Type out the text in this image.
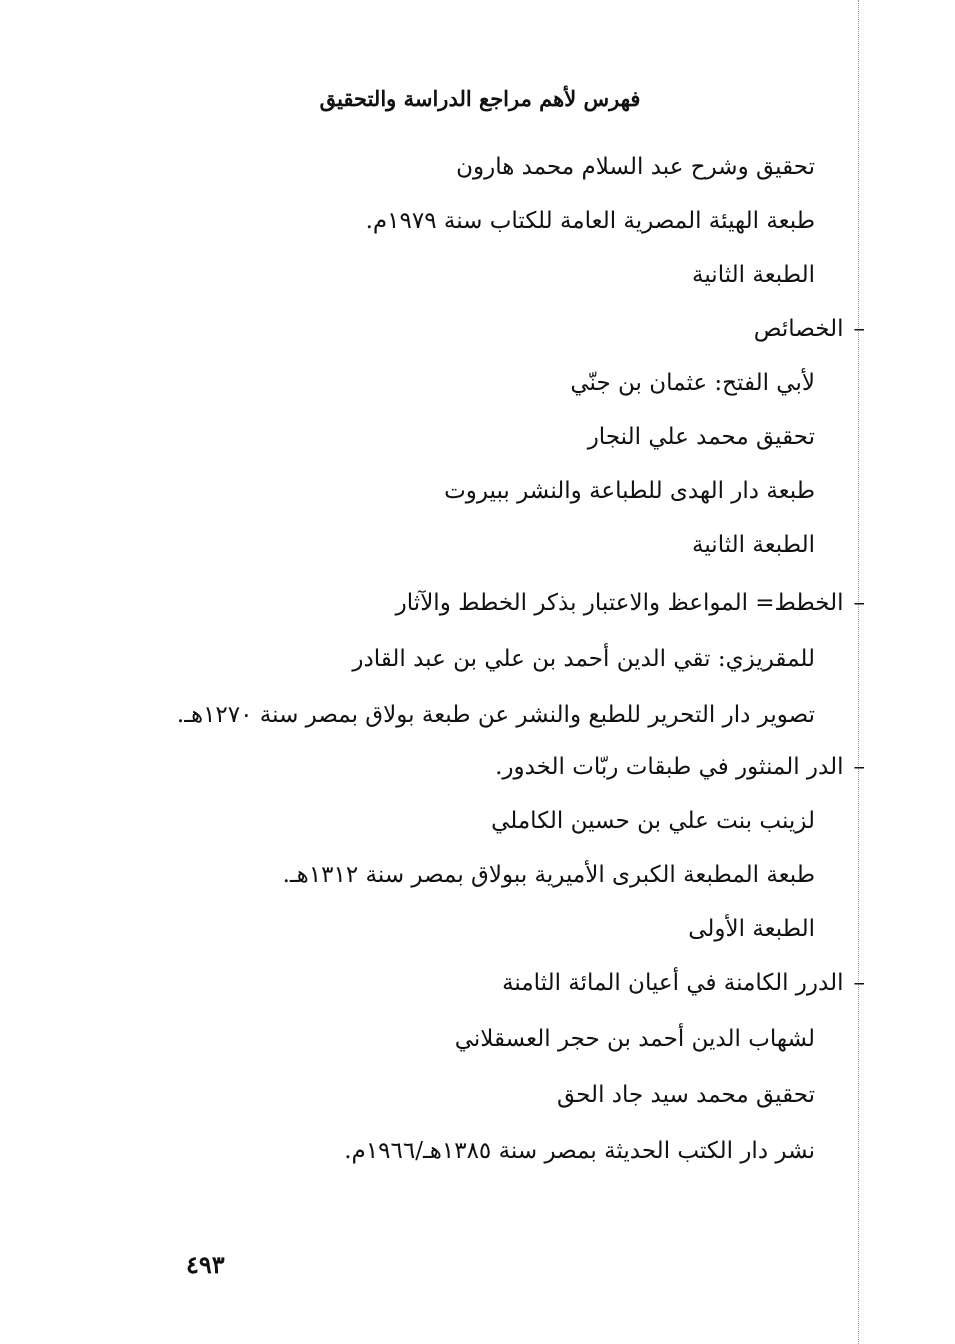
فهرس لأهم مراجع الدراسة والتحقيق
تحقيق وشرح عبد السلام محمد هارون
طبعة الهيئة المصرية العامة للكتاب سنة ١٩٧٩م.
الطبعة الثانية
–الخصائص
لأبي الفتح: عثمان بن جنّي
تحقيق محمد علي النجار
طبعة دار الهدى للطباعة والنشر ببيروت
الطبعة الثانية
–الخطط= المواعظ والاعتبار بذكر الخطط والآثار
للمقريزي: تقي الدين أحمد بن علي بن عبد القادر
تصوير دار التحرير للطبع والنشر عن طبعة بولاق بمصر سنة ١٢٧٠هـ.
–الدر المنثور في طبقات ربّات الخدور.
لزينب بنت علي بن حسين الكاملي
طبعة المطبعة الكبرى الأميرية ببولاق بمصر سنة ١٣١٢هـ.
الطبعة الأولى
–الدرر الكامنة في أعيان المائة الثامنة
لشهاب الدين أحمد بن حجر العسقلاني
تحقيق محمد سيد جاد الحق
نشر دار الكتب الحديثة بمصر سنة ١٣٨٥هـ/١٩٦٦م.
٤٩٣
